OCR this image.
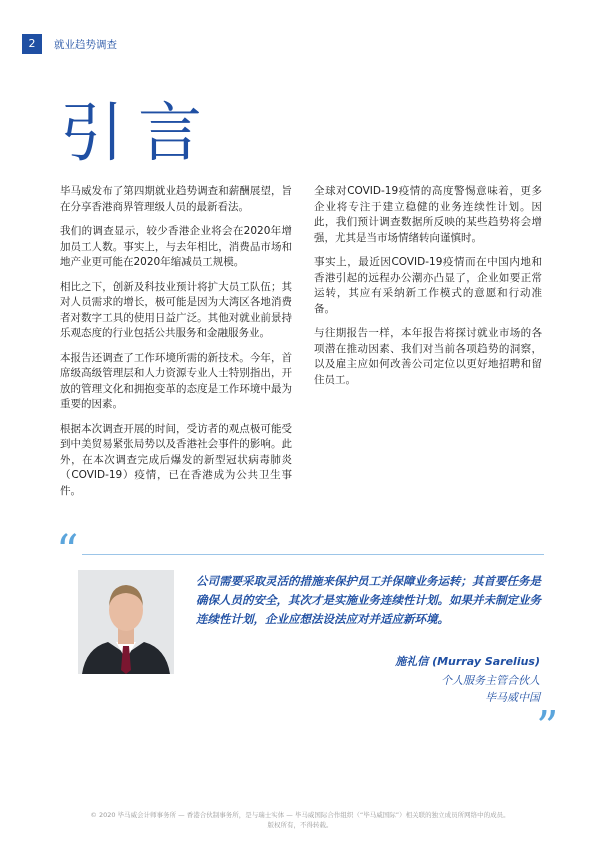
2	就业趋势调查
引言

毕马威发布了第四期就业趋势调查和薪酬展望，旨在分享香港商界管理级人员的最新看法。

我们的调查显示，较少香港企业将会在2020年增加员工人数。事实上，与去年相比，消费品市场和地产业更可能在2020年缩减员工规模。

相比之下，创新及科技业预计将扩大员工队伍；其对人员需求的增长，极可能是因为大湾区各地消费者对数字工具的使用日益广泛。其他对就业前景持乐观态度的行业包括公共服务和金融服务业。

本报告还调查了工作环境所需的新技术。今年，首席级高级管理层和人力资源专业人士特别指出，开放的管理文化和拥抱变革的态度是工作环境中最为重要的因素。

根据本次调查开展的时间，受访者的观点极可能受到中美贸易紧张局势以及香港社会事件的影响。此外，在本次调查完成后爆发的新型冠状病毒肺炎（COVID-19）疫情，已在香港成为公共卫生事件。

全球对COVID-19疫情的高度警惕意味着，更多企业将专注于建立稳健的业务连续性计划。因此，我们预计调查数据所反映的某些趋势将会增强，尤其是当市场情绪转向谨慎时。

事实上，最近因COVID-19疫情而在中国内地和香港引起的远程办公潮亦凸显了，企业如要正常运转，其应有采纳新工作模式的意愿和行动准备。

与往期报告一样，本年报告将探讨就业市场的各项潜在推动因素、我们对当前各项趋势的洞察，以及雇主应如何改善公司定位以更好地招聘和留住员工。

“
公司需要采取灵活的措施来保护员工并保障业务运转；其首要任务是确保人员的安全，其次才是实施业务连续性计划。如果并未制定业务连续性计划，企业应想法设法应对并适应新环境。
施礼信 (Murray Sarelius)
个人服务主管合伙人
毕马威中国
”
© 2020 毕马威会计师事务所 — 香港合伙制事务所，是与瑞士实体 — 毕马威国际合作组织（“毕马威国际”）相关联的独立成员所网络中的成员。
版权所有，不得转载。
